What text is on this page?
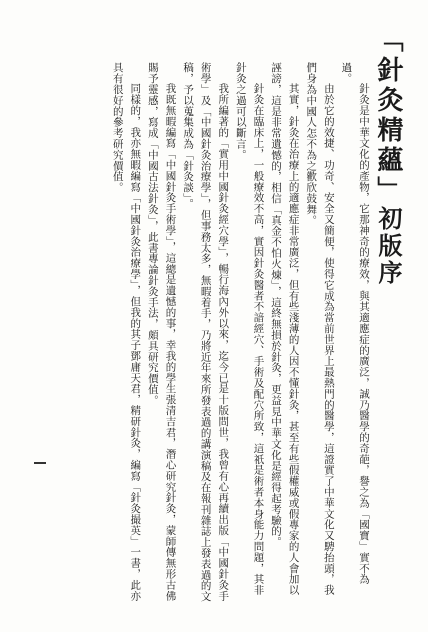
「針灸精蘊」初版序

針灸是中華文化的產物，它那神奇的療效，與其適應症的廣泛，誠乃醫學的奇葩，譽之為「國寶」實不為過。

由於它的效捷、功奇、安全又簡便，使得它成為當前世界上最熱門的醫學，這證實了中華文化又騁抬頭，我們身為中國人怎不為之歡欣鼓舞。

其實，針灸在治療上的適應症非常廣泛，但有些淺薄的人因不懂針灸，甚至有些假權威或假專家的人會加以誣謗，這是非常遺憾的，相信「真金不怕火煉」，這終無損於針灸，更益見中華文化是經得起考驗的。

針灸在臨床上，一般療效不高，實因針灸醫者不諳經穴、手術及配穴所致，這祇是術者本身能力問題，其非針灸之過可以斷言。

我所編著的「實用中國針灸經穴學」，暢行海內外以來，迄今已是十版問世，我曾有心再續出版「中國針灸手術學」及「中國針灸治療學」，但事務太多，無暇着手，乃將近年來所發表過的講演稿及在報刊雜誌上發表過的文稿，予以蒐集成為「針灸談」。

我既無暇編寫「中國針灸手術學」，這總是遺憾的事，幸我的學生張清吉君，潛心研究針灸，蒙師傳無形古佛賜予靈感，寫成「中國古法針灸」，此書專論針灸手法，頗具研究價值。

同樣的，我亦無暇編寫「中國針灸治療學」，但我的其子鄧庸天君，精研針灸，編寫「針灸撮英」一書，此亦具有很好的參考研究價值。
